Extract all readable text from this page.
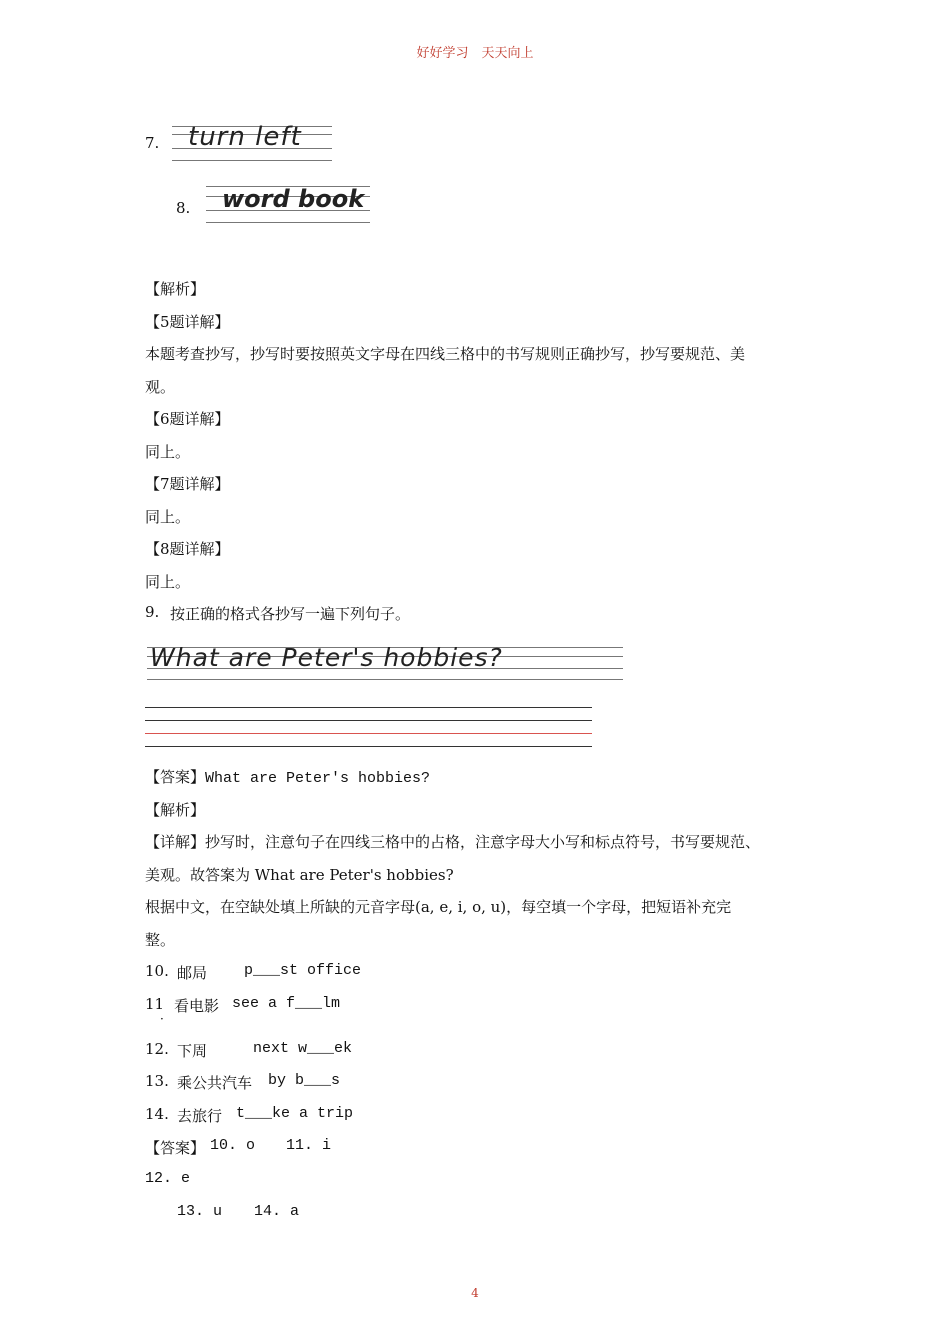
好好学习　天天向上
7. turn left
8. word book
【解析】
【5题详解】
本题考查抄写，抄写时要按照英文字母在四线三格中的书写规则正确抄写，抄写要规范、美
观。
【6题详解】
同上。
【7题详解】
同上。
【8题详解】
同上。
9. 按正确的格式各抄写一遍下列句子。
What are Peter's hobbies?
【答案】What are Peter's hobbies?
【解析】
【详解】抄写时，注意句子在四线三格中的占格，注意字母大小写和标点符号，书写要规范、
美观。故答案为 What are Peter's hobbies?
根据中文，在空缺处填上所缺的元音字母(a, e, i, o, u)，每空填一个字母，把短语补充完
整。
10. 邮局 p___st office
11
·
看电影 see a f___lm
12. 下周	next w___ek
13. 乘公共汽车 by b___s
14. 去旅行 t___ke a trip
【答案】 10. o 11. i
12. e
13. u 14. a
4
